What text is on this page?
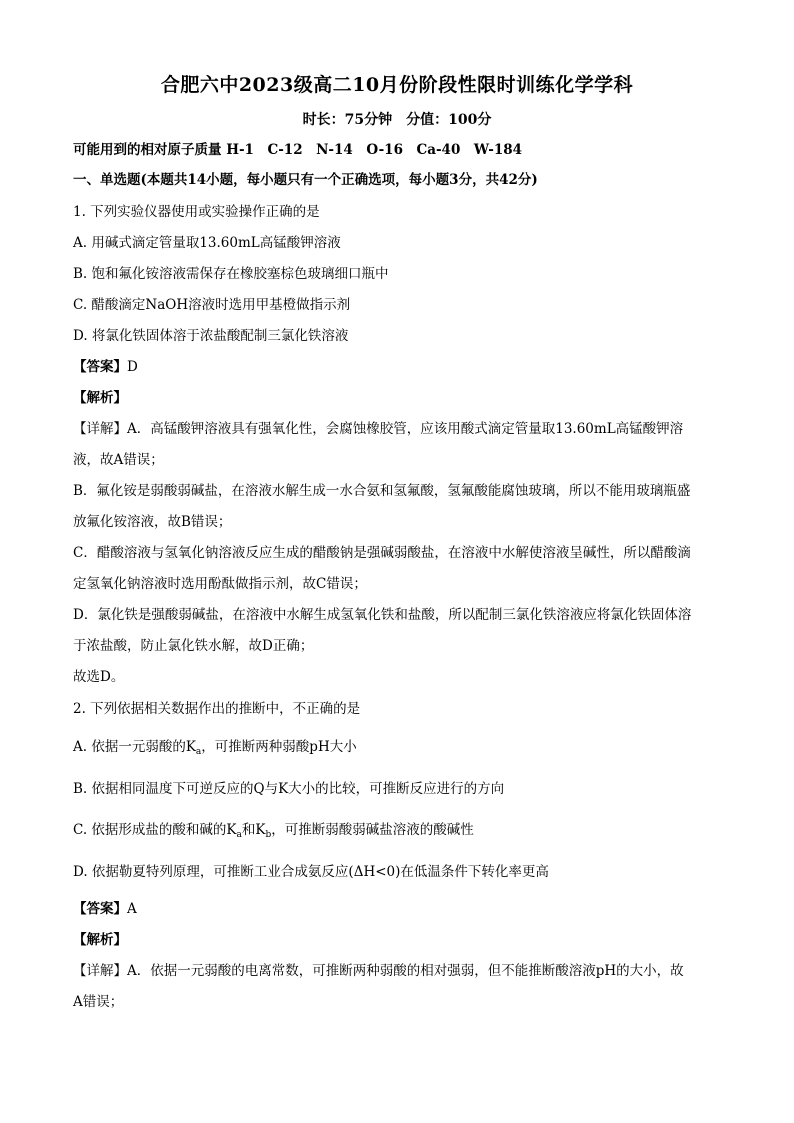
合肥六中2023级高二10月份阶段性限时训练化学学科
时长：75分钟　分值：100分
可能用到的相对原子质量 H-1　C-12　N-14　O-16　Ca-40　W-184
一、单选题(本题共14小题，每小题只有一个正确选项，每小题3分，共42分)
1. 下列实验仪器使用或实验操作正确的是
A. 用碱式滴定管量取13.60mL高锰酸钾溶液
B. 饱和氟化铵溶液需保存在橡胶塞棕色玻璃细口瓶中
C. 醋酸滴定NaOH溶液时选用甲基橙做指示剂
D. 将氯化铁固体溶于浓盐酸配制三氯化铁溶液
【答案】D
【解析】
【详解】A．高锰酸钾溶液具有强氧化性，会腐蚀橡胶管，应该用酸式滴定管量取13.60mL高锰酸钾溶
液，故A错误；
B．氟化铵是弱酸弱碱盐，在溶液水解生成一水合氨和氢氟酸，氢氟酸能腐蚀玻璃，所以不能用玻璃瓶盛
放氟化铵溶液，故B错误；
C．醋酸溶液与氢氧化钠溶液反应生成的醋酸钠是强碱弱酸盐，在溶液中水解使溶液呈碱性，所以醋酸滴
定氢氧化钠溶液时选用酚酞做指示剂，故C错误；
D．氯化铁是强酸弱碱盐，在溶液中水解生成氢氧化铁和盐酸，所以配制三氯化铁溶液应将氯化铁固体溶
于浓盐酸，防止氯化铁水解，故D正确；
故选D。
2. 下列依据相关数据作出的推断中，不正确的是
A. 依据一元弱酸的$K_a$，可推断两种弱酸pH大小
B. 依据相同温度下可逆反应的Q与K大小的比较，可推断反应进行的方向
C. 依据形成盐的酸和碱的$K_a$和$K_b$，可推断弱酸弱碱盐溶液的酸碱性
D. 依据勒夏特列原理，可推断工业合成氨反应(ΔH<0)在低温条件下转化率更高
【答案】A
【解析】
【详解】A．依据一元弱酸的电离常数，可推断两种弱酸的相对强弱，但不能推断酸溶液pH的大小，故
A错误；
